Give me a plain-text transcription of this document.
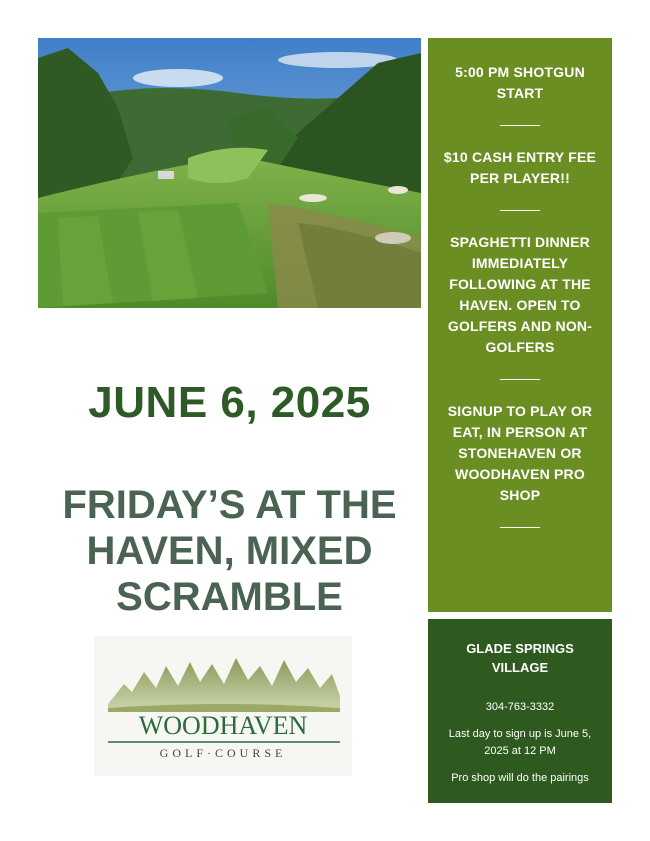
5:00 PM SHOTGUN START
$10 CASH ENTRY FEE PER PLAYER!!
SPAGHETTI DINNER IMMEDIATELY FOLLOWING AT THE HAVEN. OPEN TO GOLFERS AND NON-GOLFERS
SIGNUP TO PLAY OR EAT, IN PERSON AT STONEHAVEN OR WOODHAVEN PRO SHOP
JUNE 6, 2025
FRIDAY’S AT THE HAVEN, MIXED SCRAMBLE
WOODHAVEN
GOLF·COURSE
GLADE SPRINGS VILLAGE
304-763-3332
Last day to sign up is June 5, 2025 at 12 PM
Pro shop will do the pairings
